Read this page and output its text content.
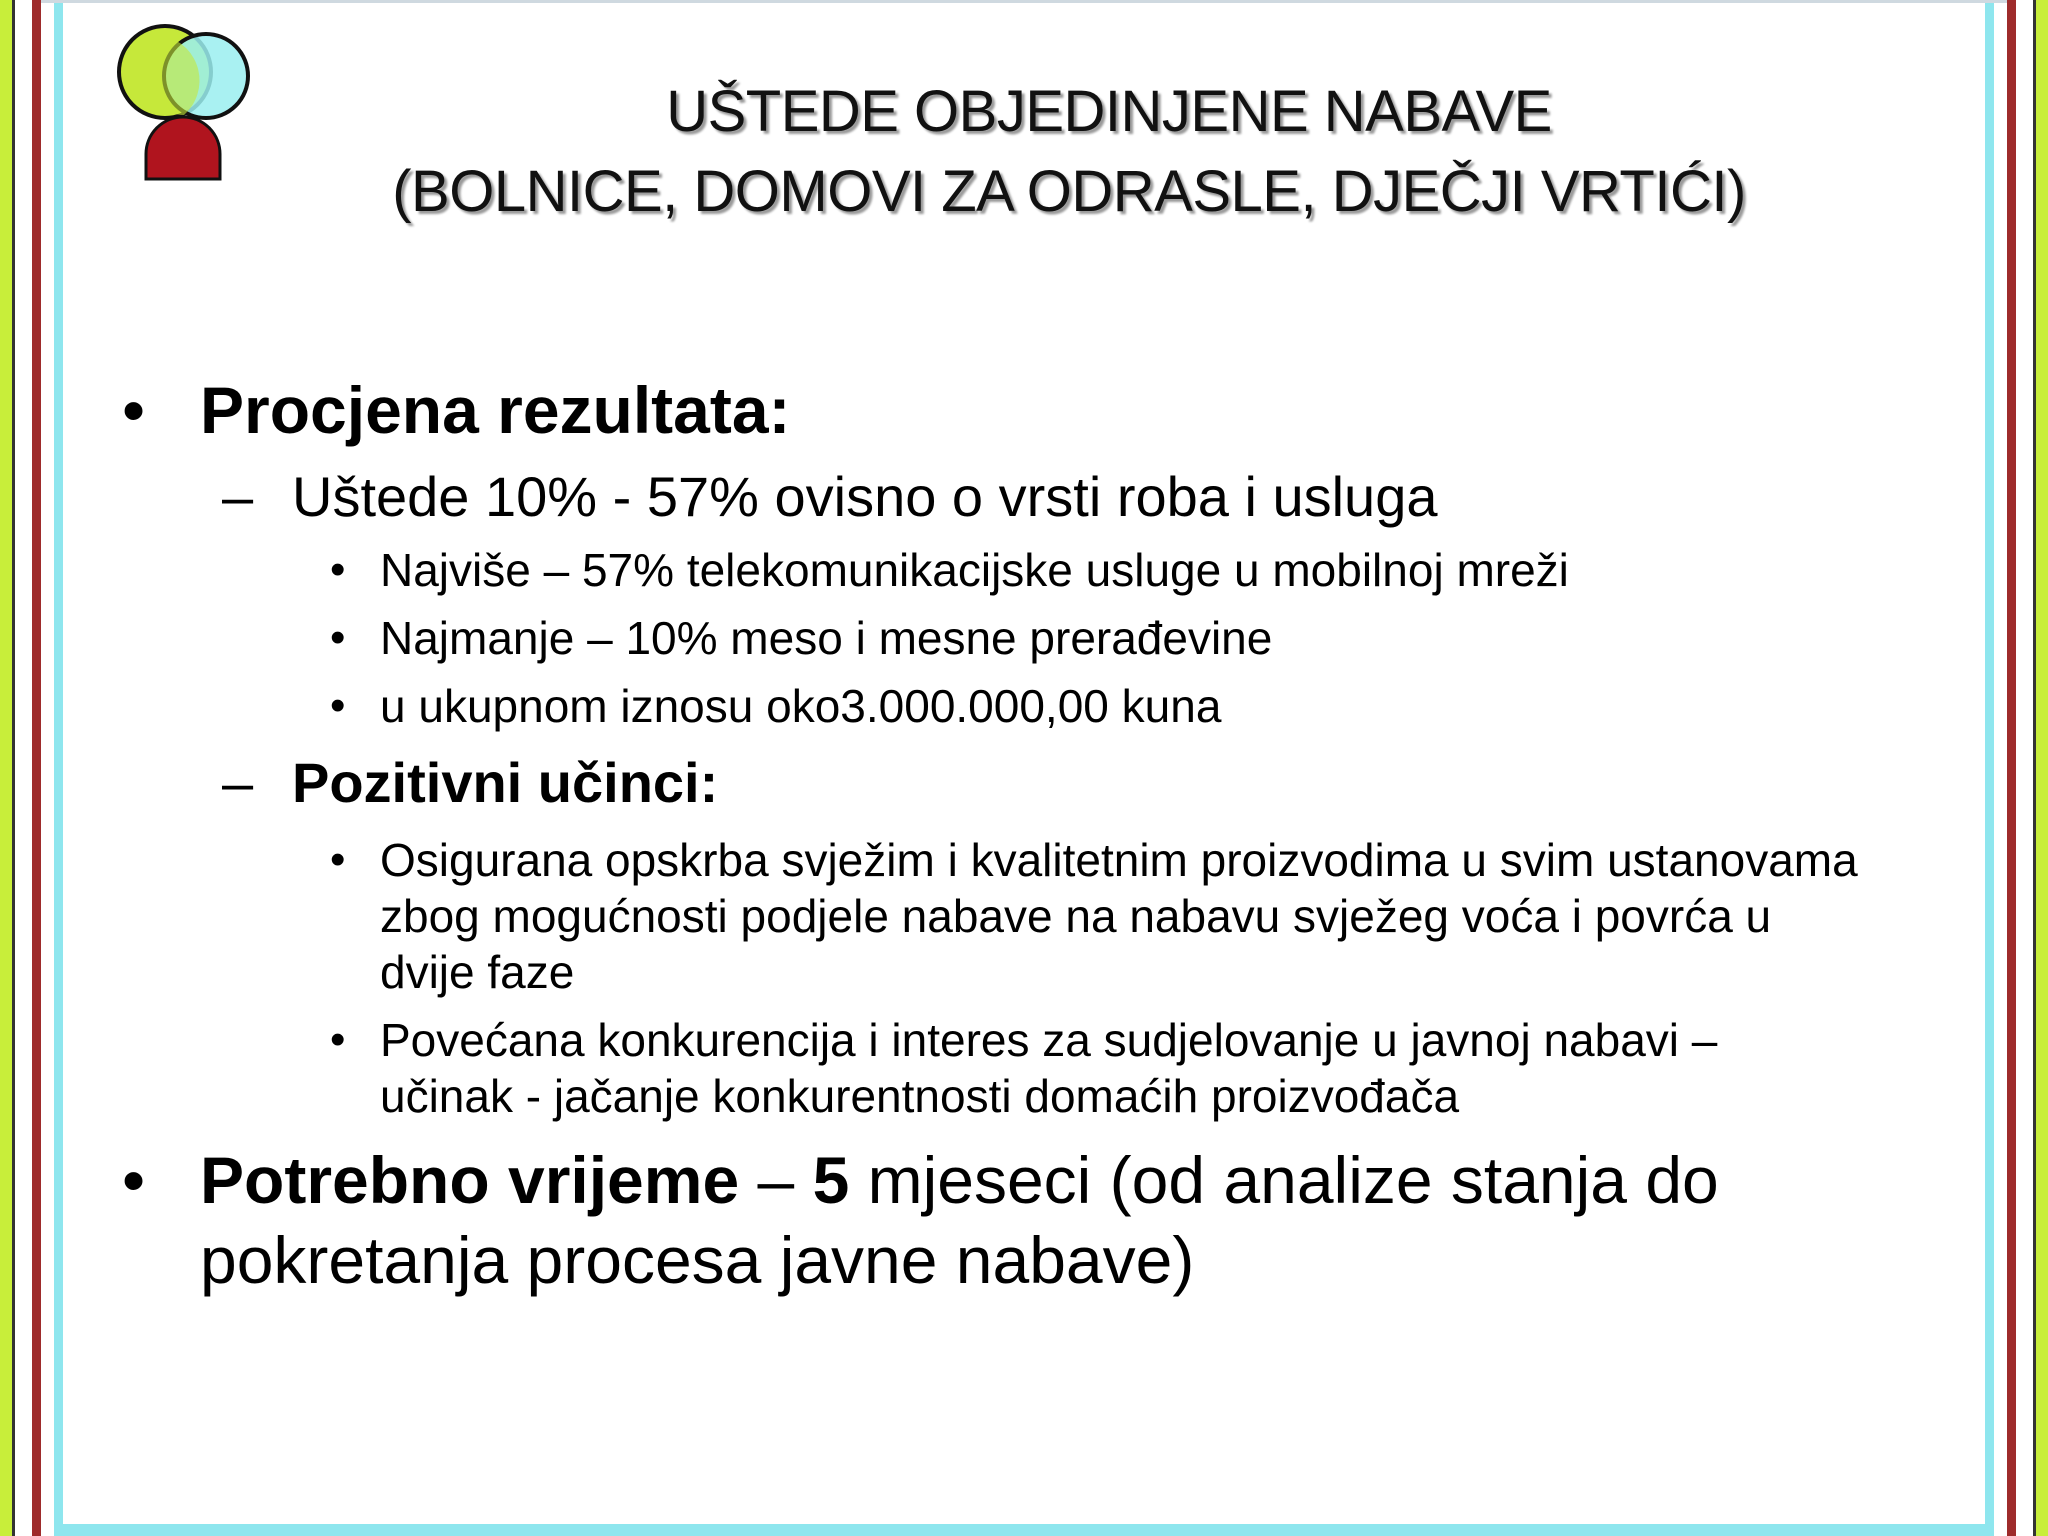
UŠTEDE OBJEDINJENE NABAVE
(BOLNICE, DOMOVI ZA ODRASLE, DJEČJI VRTIĆI)
• Procjena rezultata:
– Uštede 10% - 57% ovisno o vrsti roba i usluga
• Najviše – 57% telekomunikacijske usluge u mobilnoj mreži
• Najmanje – 10% meso i mesne prerađevine
• u ukupnom iznosu oko3.000.000,00 kuna
– Pozitivni učinci:
• Osigurana opskrba svježim i kvalitetnim proizvodima u svim ustanovama zbog mogućnosti podjele nabave na nabavu svježeg voća i povrća u dvije faze
• Povećana konkurencija i interes za sudjelovanje u javnoj nabavi – učinak - jačanje konkurentnosti domaćih proizvođača
• Potrebno vrijeme – 5 mjeseci (od analize stanja do pokretanja procesa javne nabave)
